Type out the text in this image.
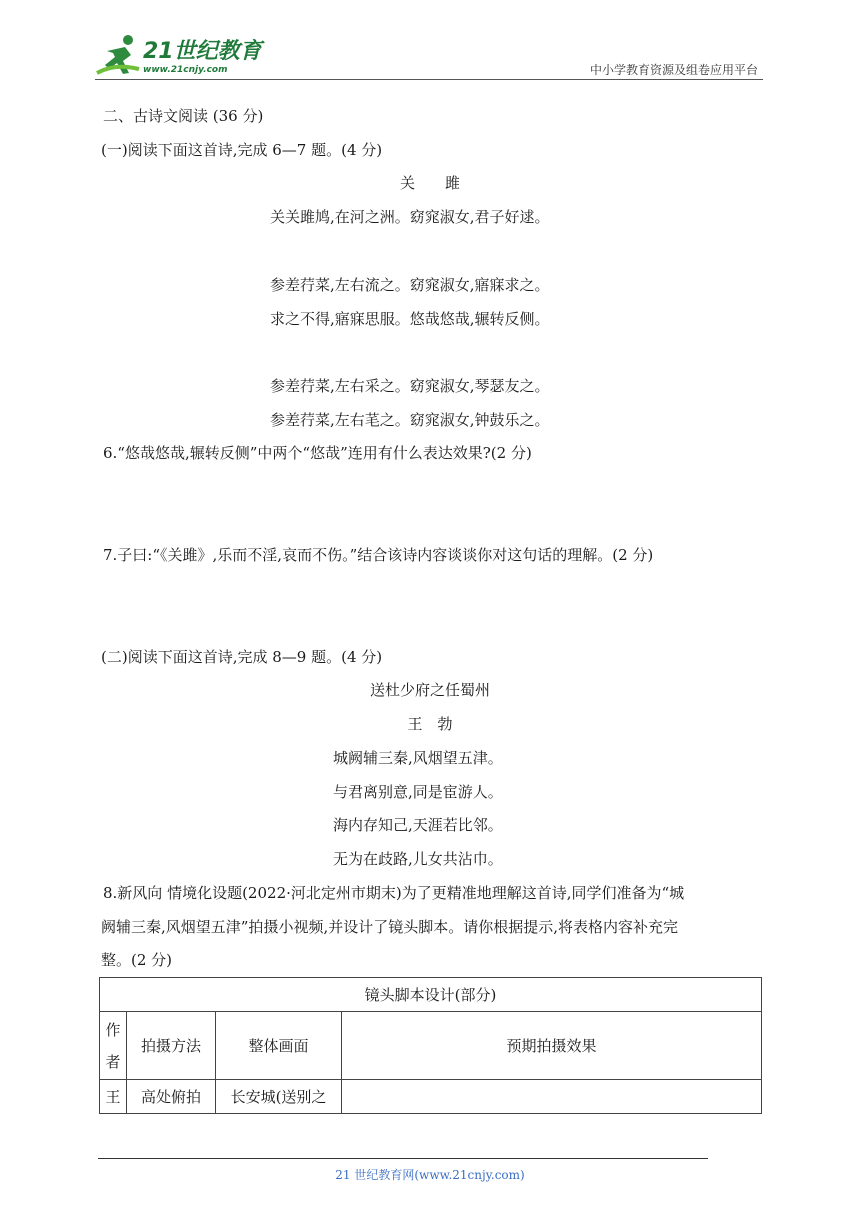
21世纪教育
www.21cnjy.com	中小学教育资源及组卷应用平台
二、古诗文阅读 (36 分)
(一)阅读下面这首诗,完成 6—7 题。(4 分)
关　　雎
关关雎鸠,在河之洲。窈窕淑女,君子好逑。
参差荇菜,左右流之。窈窕淑女,寤寐求之。
求之不得,寤寐思服。悠哉悠哉,辗转反侧。
参差荇菜,左右采之。窈窕淑女,琴瑟友之。
参差荇菜,左右芼之。窈窕淑女,钟鼓乐之。
6.“悠哉悠哉,辗转反侧”中两个“悠哉”连用有什么表达效果?(2 分)
7.子曰:“《关雎》,乐而不淫,哀而不伤。”结合该诗内容谈谈你对这句话的理解。(2 分)
(二)阅读下面这首诗,完成 8—9 题。(4 分)
送杜少府之任蜀州
王　勃
城阙辅三秦,风烟望五津。
与君离别意,同是宦游人。
海内存知己,天涯若比邻。
无为在歧路,儿女共沾巾。
8.新风向 情境化设题(2022·河北定州市期末)为了更精准地理解这首诗,同学们准备为“城
阙辅三秦,风烟望五津”拍摄小视频,并设计了镜头脚本。请你根据提示,将表格内容补充完
整。(2 分)
镜头脚本设计(部分)			
作
者	拍摄方法	整体画面	预期拍摄效果
王	高处俯拍	长安城(送别之	
21 世纪教育网(www.21cnjy.com)
